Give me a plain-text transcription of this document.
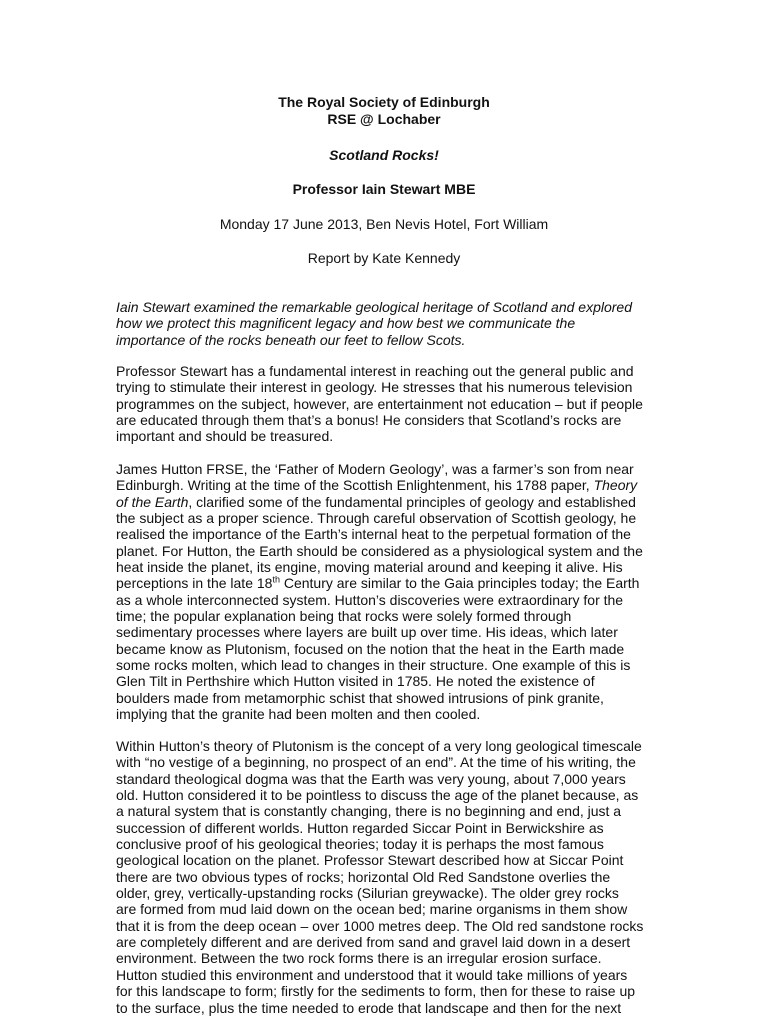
The Royal Society of Edinburgh
RSE @ Lochaber
Scotland Rocks!
Professor Iain Stewart MBE
Monday 17 June 2013, Ben Nevis Hotel, Fort William
Report by Kate Kennedy
Iain Stewart examined the remarkable geological heritage of Scotland and explored
how we protect this magnificent legacy and how best we communicate the
importance of the rocks beneath our feet to fellow Scots.
Professor Stewart has a fundamental interest in reaching out the general public and
trying to stimulate their interest in geology. He stresses that his numerous television
programmes on the subject, however, are entertainment not education – but if people
are educated through them that’s a bonus! He considers that Scotland’s rocks are
important and should be treasured.
James Hutton FRSE, the ‘Father of Modern Geology’, was a farmer’s son from near
Edinburgh. Writing at the time of the Scottish Enlightenment, his 1788 paper, Theory
of the Earth, clarified some of the fundamental principles of geology and established
the subject as a proper science. Through careful observation of Scottish geology, he
realised the importance of the Earth’s internal heat to the perpetual formation of the
planet. For Hutton, the Earth should be considered as a physiological system and the
heat inside the planet, its engine, moving material around and keeping it alive. His
perceptions in the late 18th Century are similar to the Gaia principles today; the Earth
as a whole interconnected system. Hutton’s discoveries were extraordinary for the
time; the popular explanation being that rocks were solely formed through
sedimentary processes where layers are built up over time. His ideas, which later
became know as Plutonism, focused on the notion that the heat in the Earth made
some rocks molten, which lead to changes in their structure. One example of this is
Glen Tilt in Perthshire which Hutton visited in 1785. He noted the existence of
boulders made from metamorphic schist that showed intrusions of pink granite,
implying that the granite had been molten and then cooled.
Within Hutton’s theory of Plutonism is the concept of a very long geological timescale
with “no vestige of a beginning, no prospect of an end”. At the time of his writing, the
standard theological dogma was that the Earth was very young, about 7,000 years
old. Hutton considered it to be pointless to discuss the age of the planet because, as
a natural system that is constantly changing, there is no beginning and end, just a
succession of different worlds. Hutton regarded Siccar Point in Berwickshire as
conclusive proof of his geological theories; today it is perhaps the most famous
geological location on the planet. Professor Stewart described how at Siccar Point
there are two obvious types of rocks; horizontal Old Red Sandstone overlies the
older, grey, vertically-upstanding rocks (Silurian greywacke). The older grey rocks
are formed from mud laid down on the ocean bed; marine organisms in them show
that it is from the deep ocean – over 1000 metres deep. The Old red sandstone rocks
are completely different and are derived from sand and gravel laid down in a desert
environment. Between the two rock forms there is an irregular erosion surface.
Hutton studied this environment and understood that it would take millions of years
for this landscape to form; firstly for the sediments to form, then for these to raise up
to the surface, plus the time needed to erode that landscape and then for the next
